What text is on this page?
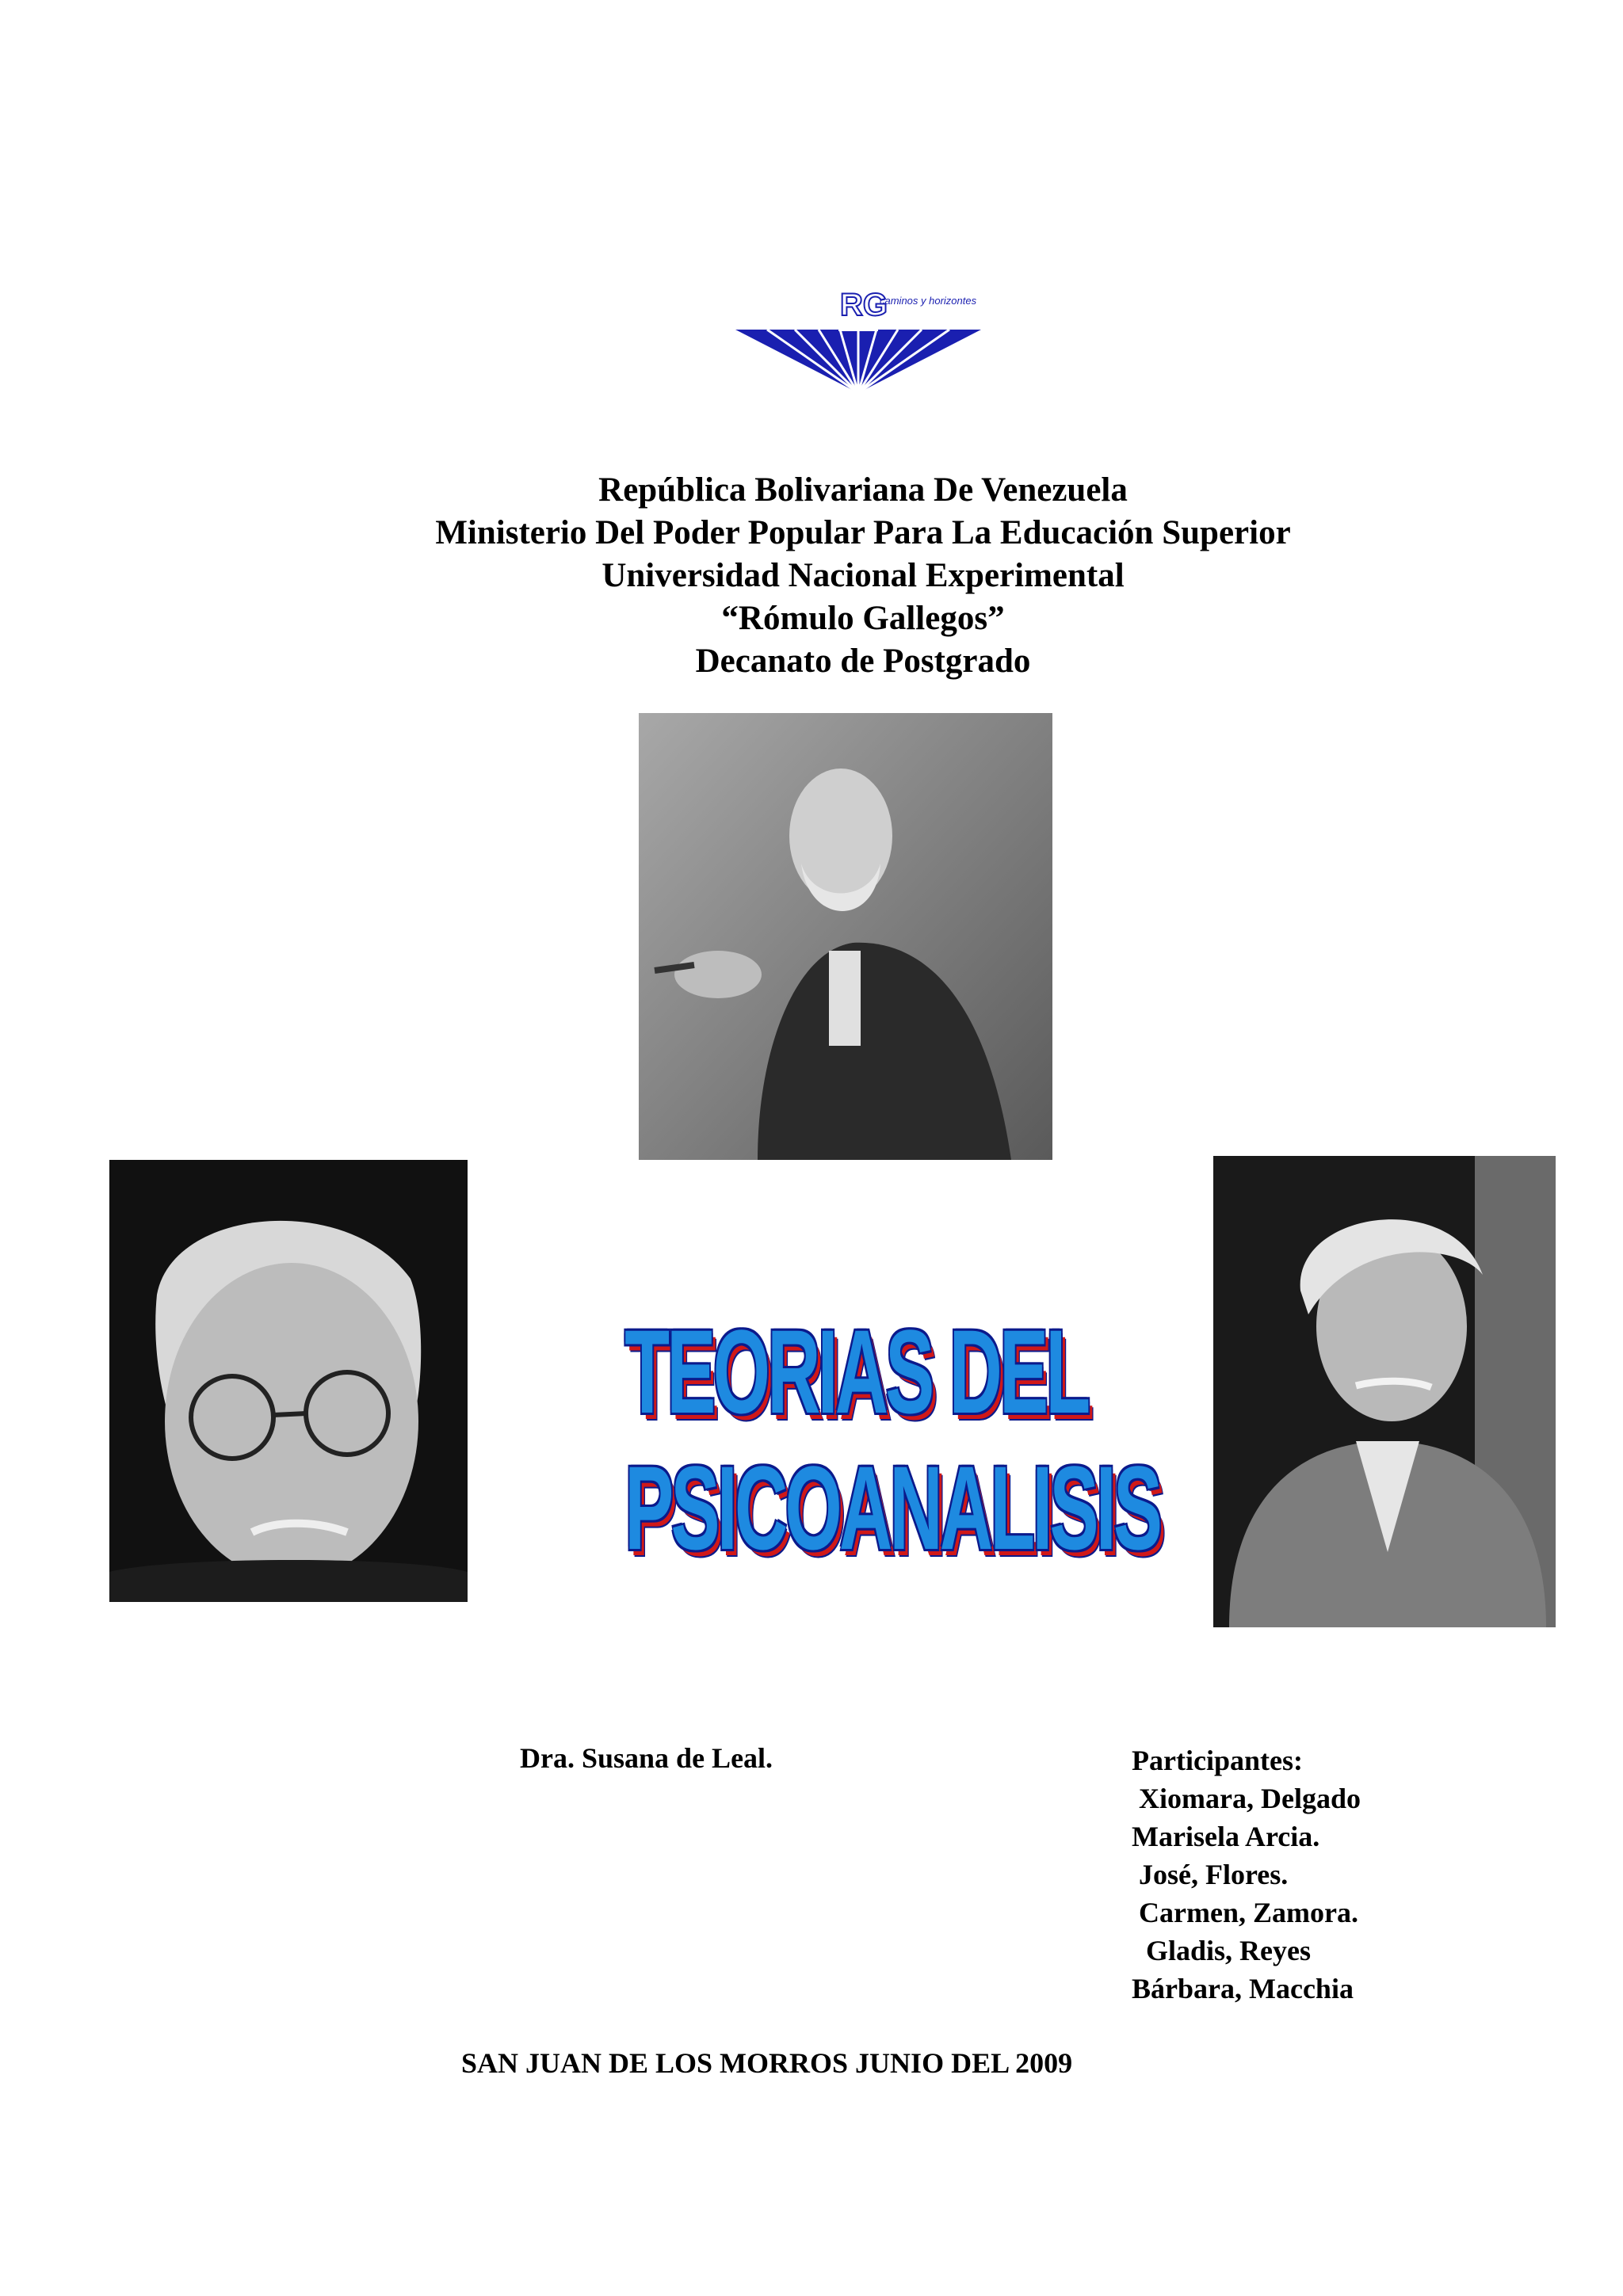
RG
caminos y horizontes
República Bolivariana De Venezuela
Ministerio Del Poder Popular Para La Educación Superior
Universidad Nacional Experimental
“Rómulo Gallegos”
Decanato de Postgrado
TEORIAS DEL
PSICOANALISIS
Dra. Susana de Leal.	Participantes:
Xiomara, Delgado
Marisela Arcia.
José, Flores.
Carmen, Zamora.
Gladis, Reyes
Bárbara, Macchia
SAN JUAN DE LOS MORROS JUNIO DEL 2009
